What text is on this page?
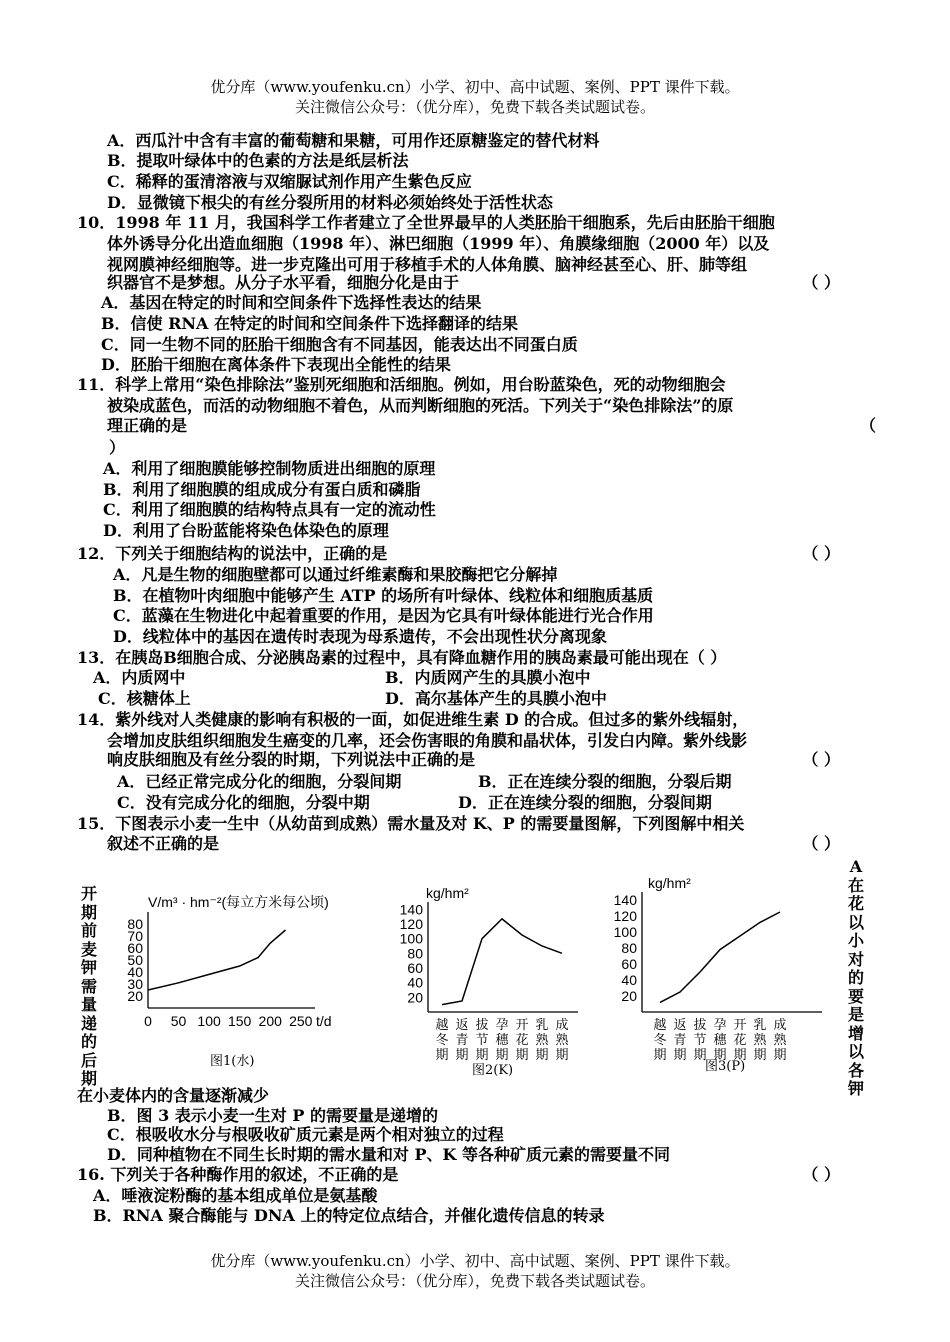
优分库（www.youfenku.cn）小学、初中、高中试题、案例、PPT 课件下载。
关注微信公众号：（优分库），免费下载各类试题试卷。
A．西瓜汁中含有丰富的葡萄糖和果糖，可用作还原糖鉴定的替代材料
B．提取叶绿体中的色素的方法是纸层析法
C．稀释的蛋清溶液与双缩脲试剂作用产生紫色反应
D．显微镜下根尖的有丝分裂所用的材料必须始终处于活性状态
10．1998 年 11 月，我国科学工作者建立了全世界最早的人类胚胎干细胞系，先后由胚胎干细胞
体外诱导分化出造血细胞（1998 年）、淋巴细胞（1999 年）、角膜缘细胞（2000 年）以及
视网膜神经细胞等。进一步克隆出可用于移植手术的人体角膜、脑神经甚至心、肝、肺等组
织器官不是梦想。从分子水平看，细胞分化是由于	（ ）
A．基因在特定的时间和空间条件下选择性表达的结果
B．信使 RNA 在特定的时间和空间条件下选择翻译的结果
C．同一生物不同的胚胎干细胞含有不同基因，能表达出不同蛋白质
D．胚胎干细胞在离体条件下表现出全能性的结果
11．科学上常用“染色排除法”鉴别死细胞和活细胞。例如，用台盼蓝染色，死的动物细胞会
被染成蓝色，而活的动物细胞不着色，从而判断细胞的死活。下列关于“染色排除法”的原
理正确的是	（
）
A．利用了细胞膜能够控制物质进出细胞的原理
B．利用了细胞膜的组成成分有蛋白质和磷脂
C．利用了细胞膜的结构特点具有一定的流动性
D．利用了台盼蓝能将染色体染色的原理
12．下列关于细胞结构的说法中，正确的是	（ ）
A．凡是生物的细胞壁都可以通过纤维素酶和果胶酶把它分解掉
B．在植物叶肉细胞中能够产生 ATP 的场所有叶绿体、线粒体和细胞质基质
C．蓝藻在生物进化中起着重要的作用，是因为它具有叶绿体能进行光合作用
D．线粒体中的基因在遗传时表现为母系遗传，不会出现性状分离现象
13．在胰岛B细胞合成、分泌胰岛素的过程中，具有降血糖作用的胰岛素最可能出现在（ ）
A．内质网中	B．内质网产生的具膜小泡中
C．核糖体上	D．高尔基体产生的具膜小泡中
14．紫外线对人类健康的影响有积极的一面，如促进维生素 D 的合成。但过多的紫外线辐射，
会增加皮肤组织细胞发生癌变的几率，还会伤害眼的角膜和晶状体，引发白内障。紫外线影
响皮肤细胞及有丝分裂的时期，下列说法中正确的是	（ ）
A．已经正常完成分化的细胞，分裂间期	B．正在连续分裂的细胞，分裂后期
C．没有完成分化的细胞，分裂中期	D．正在连续分裂的细胞，分裂间期
15．下图表示小麦一生中（从幼苗到成熟）需水量及对 K、P 的需要量图解，下列图解中相关
叙述不正确的是	（ ）
开期前麦钾需量递的后期
A在花以小对的要是增以各钾
V/m³ · hm⁻²(每立方米每公顷)
20
30
40
50
60
70
80
0 50 100 150 200 250 t/d
图1(水)
kg/hm²
20
40
60
80
100
120
140
越冬期
返青期
拔节期
孕穗期
开花期
乳熟期
成熟期
图2(K)
kg/hm²
20
40
60
80
100
120
140
越冬期
返青期
拔节期
孕穗期
开花期
乳熟期
成熟期
图3(P)
在小麦体内的含量逐渐减少
B．图 3 表示小麦一生对 P 的需要量是递增的
C．根吸收水分与根吸收矿质元素是两个相对独立的过程
D．同种植物在不同生长时期的需水量和对 P、K 等各种矿质元素的需要量不同
16. 下列关于各种酶作用的叙述，不正确的是	（ ）
A．唾液淀粉酶的基本组成单位是氨基酸
B．RNA 聚合酶能与 DNA 上的特定位点结合，并催化遗传信息的转录
优分库（www.youfenku.cn）小学、初中、高中试题、案例、PPT 课件下载。
关注微信公众号：（优分库），免费下载各类试题试卷。
